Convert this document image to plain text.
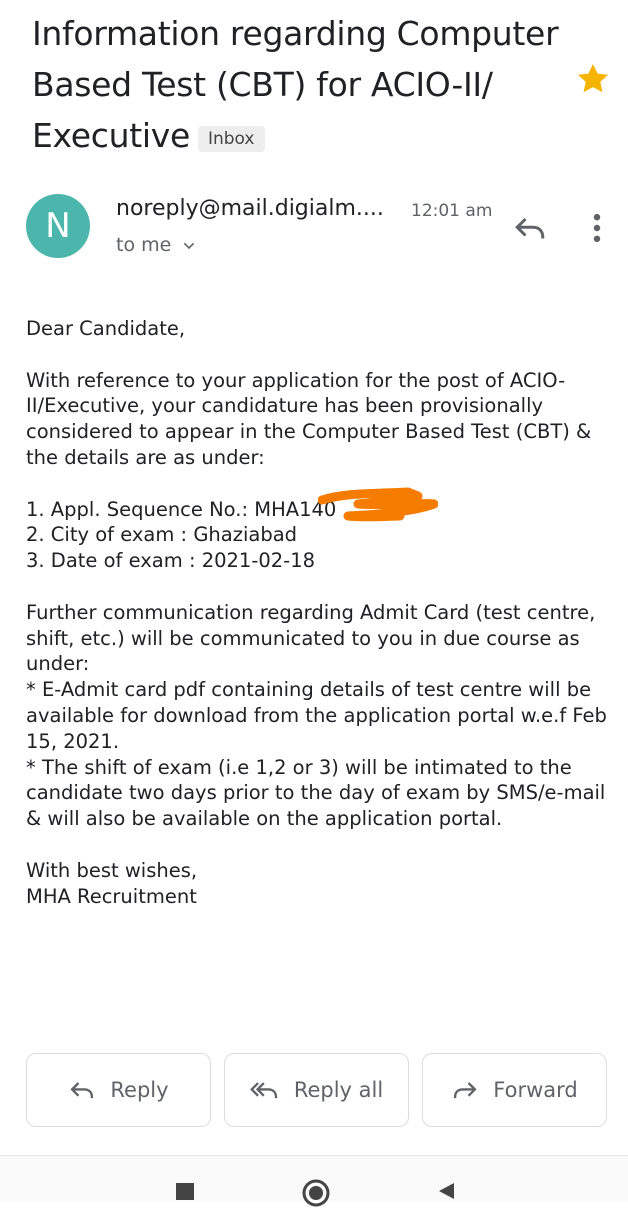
Information regarding Computer Based Test (CBT) for ACIO-II/ Executive Inbox
N	noreply@mail.digialm.... 12:01 am
to me

Dear Candidate,

With reference to your application for the post of ACIO-II/Executive, your candidature has been provisionally considered to appear in the Computer Based Test (CBT) & the details are as under:

1. Appl. Sequence No.: MHA140
2. City of exam : Ghaziabad
3. Date of exam : 2021-02-18

Further communication regarding Admit Card (test centre, shift, etc.) will be communicated to you in due course as under:
* E-Admit card pdf containing details of test centre will be available for download from the application portal w.e.f Feb 15, 2021.
* The shift of exam (i.e 1,2 or 3) will be intimated to the candidate two days prior to the day of exam by SMS/e-mail & will also be available on the application portal.

With best wishes,
MHA Recruitment

Reply	Reply all	Forward
